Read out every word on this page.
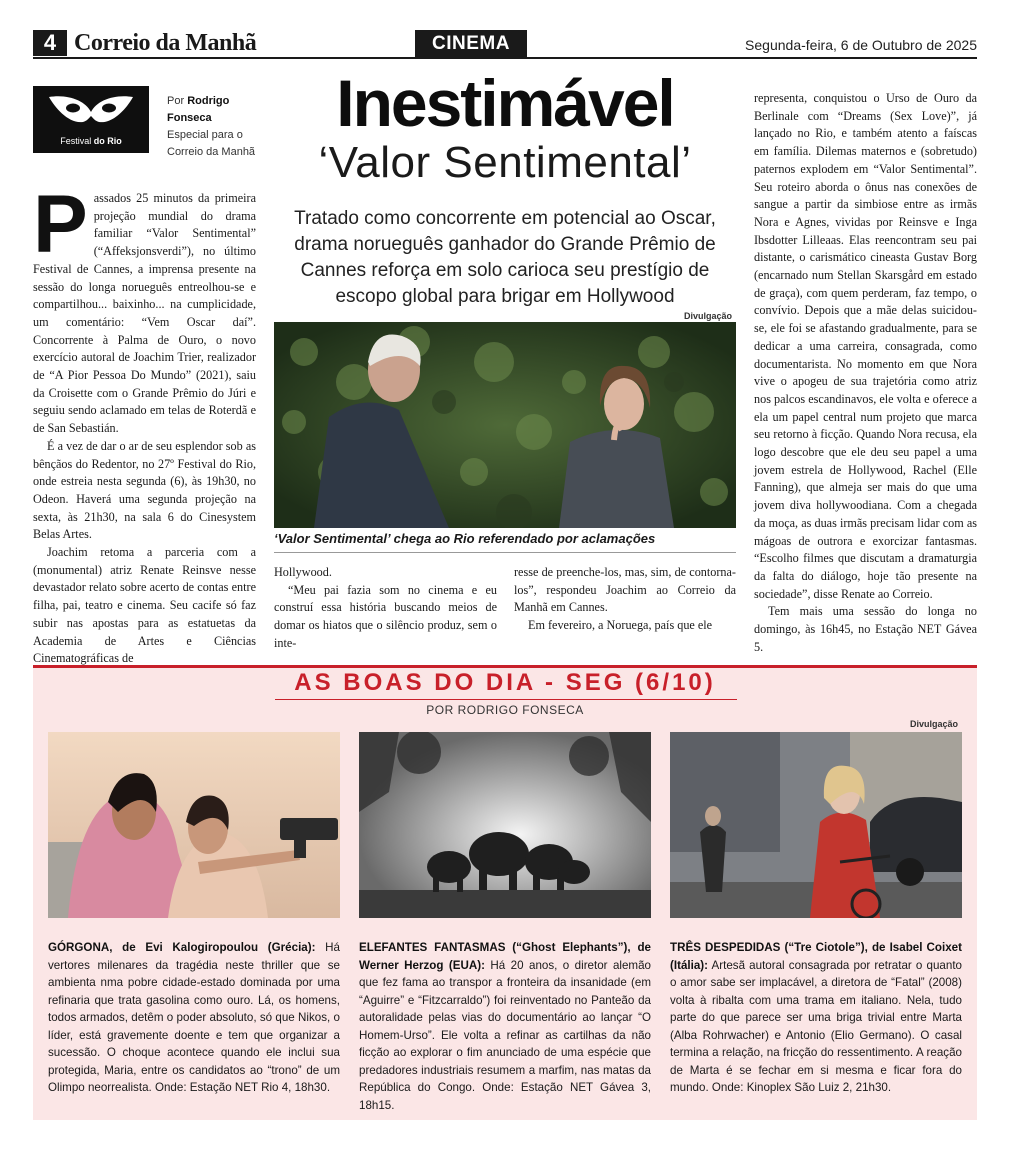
4 Correio da Manhã	CINEMA	Segunda-feira, 6 de Outubro de 2025
Festival do Rio
Por Rodrigo Fonseca
Especial para o Correio da Manhã
Inestimável
‘Valor Sentimental’
Tratado como concorrente em potencial ao Oscar, drama norueguês ganhador do Grande Prêmio de Cannes reforça em solo carioca seu prestígio de escopo global para brigar em Hollywood

Passados 25 minutos da primeira projeção mundial do drama familiar “Valor Sentimental” (“Affeksjonsverdi”), no último Festival de Cannes, a imprensa presente na sessão do longa norueguês entreolhou-se e compartilhou... baixinho... na cumplicidade, um comentário: “Vem Oscar daí”. Concorrente à Palma de Ouro, o novo exercício autoral de Joachim Trier, realizador de “A Pior Pessoa Do Mundo” (2021), saiu da Croisette com o Grande Prêmio do Júri e seguiu sendo aclamado em telas de Roterdã e de San Sebastián.

É a vez de dar o ar de seu esplendor sob as bênçãos do Redentor, no 27º Festival do Rio, onde estreia nesta segunda (6), às 19h30, no Odeon. Haverá uma segunda projeção na sexta, às 21h30, na sala 6 do Cinesystem Belas Artes.

Joachim retoma a parceria com a (monumental) atriz Renate Reinsve nesse devastador relato sobre acerto de contas entre filha, pai, teatro e cinema. Seu cacife só faz subir nas apostas para as estatuetas da Academia de Artes e Ciências Cinematográficas de

Hollywood.

“Meu pai fazia som no cinema e eu construí essa história buscando meios de domar os hiatos que o silêncio produz, sem o inte-

resse de preenche-los, mas, sim, de contorna-los”, respondeu Joachim ao Correio da Manhã em Cannes.

Em fevereiro, a Noruega, país que ele

representa, conquistou o Urso de Ouro da Berlinale com “Dreams (Sex Love)”, já lançado no Rio, e também atento a faíscas em família. Dilemas maternos e (sobretudo) paternos explodem em “Valor Sentimental”. Seu roteiro aborda o ônus nas conexões de sangue a partir da simbiose entre as irmãs Nora e Agnes, vividas por Reinsve e Inga Ibsdotter Lilleaas. Elas reencontram seu pai distante, o carismático cineasta Gustav Borg (encarnado num Stellan Skarsgård em estado de graça), com quem perderam, faz tempo, o convívio. Depois que a mãe delas suicidou-se, ele foi se afastando gradualmente, para se dedicar a uma carreira, consagrada, como documentarista. No momento em que Nora vive o apogeu de sua trajetória como atriz nos palcos escandinavos, ele volta e oferece a ela um papel central num projeto que marca seu retorno à ficção. Quando Nora recusa, ela logo descobre que ele deu seu papel a uma jovem estrela de Hollywood, Rachel (Elle Fanning), que almeja ser mais do que uma jovem diva hollywoodiana. Com a chegada da moça, as duas irmãs precisam lidar com as mágoas de outrora e exorcizar fantasmas. “Escolho filmes que discutam a dramaturgia da falta do diálogo, hoje tão presente na sociedade”, disse Renate ao Correio.

Tem mais uma sessão do longa no domingo, às 16h45, no Estação NET Gávea 5.

Divulgação
‘Valor Sentimental’ chega ao Rio referendado por aclamações
AS BOAS DO DIA - SEG (6/10)
POR RODRIGO FONSECA
Divulgação
GÓRGONA, de Evi Kalogiropoulou (Grécia): Há vertores milenares da tragédia neste thriller que se ambienta nma pobre cidade-estado dominada por uma refinaria que trata gasolina como ouro. Lá, os homens, todos armados, detêm o poder absoluto, só que Nikos, o líder, está gravemente doente e tem que organizar a sucessão. O choque acontece quando ele inclui sua protegida, Maria, entre os candidatos ao “trono” de um Olimpo neorrealista. Onde: Estação NET Rio 4, 18h30.
ELEFANTES FANTASMAS (“Ghost Elephants”), de Werner Herzog (EUA): Há 20 anos, o diretor alemão que fez fama ao transpor a fronteira da insanidade (em “Aguirre” e “Fitzcarraldo”) foi reinventado no Panteão da autoralidade pelas vias do documentário ao lançar “O Homem-Urso”. Ele volta a refinar as cartilhas da não ficção ao explorar o fim anunciado de uma espécie que predadores industriais resumem a marfim, nas matas da República do Congo. Onde: Estação NET Gávea 3, 18h15.
TRÊS DESPEDIDAS (“Tre Ciotole”), de Isabel Coixet (Itália): Artesã autoral consagrada por retratar o quanto o amor sabe ser implacável, a diretora de “Fatal” (2008) volta à ribalta com uma trama em italiano. Nela, tudo parte do que parece ser uma briga trivial entre Marta (Alba Rohrwacher) e Antonio (Elio Germano). O casal termina a relação, na fricção do ressentimento. A reação de Marta é se fechar em si mesma e ficar fora do mundo. Onde: Kinoplex São Luiz 2, 21h30.
